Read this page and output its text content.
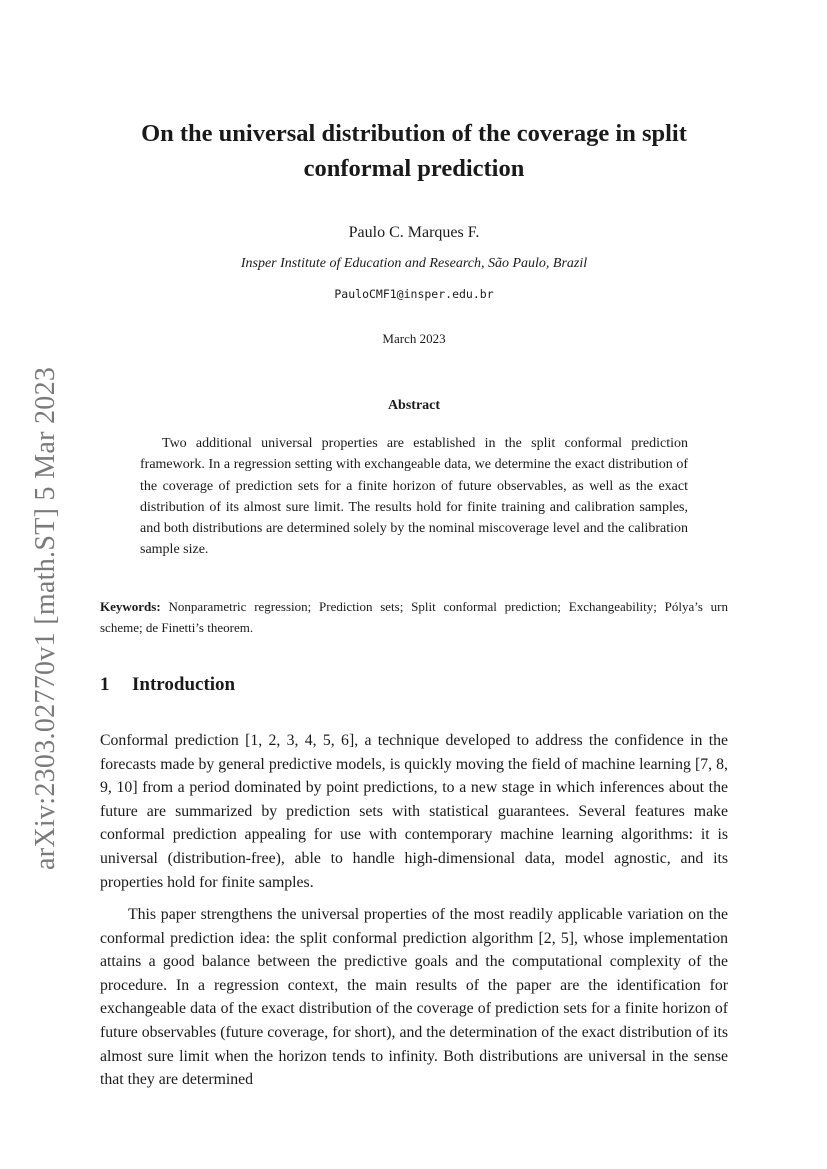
arXiv:2303.02770v1 [math.ST] 5 Mar 2023
On the universal distribution of the coverage in split conformal prediction

Paulo C. Marques F.

Insper Institute of Education and Research, São Paulo, Brazil

PauloCMF1@insper.edu.br

March 2023

Abstract

Two additional universal properties are established in the split conformal prediction framework. In a regression setting with exchangeable data, we determine the exact distribution of the coverage of prediction sets for a finite horizon of future observables, as well as the exact distribution of its almost sure limit. The results hold for finite training and calibration samples, and both distributions are determined solely by the nominal miscoverage level and the calibration sample size.

Keywords: Nonparametric regression; Prediction sets; Split conformal prediction; Exchangeability; Pólya’s urn scheme; de Finetti’s theorem.

1 Introduction

Conformal prediction [1, 2, 3, 4, 5, 6], a technique developed to address the confidence in the forecasts made by general predictive models, is quickly moving the field of machine learning [7, 8, 9, 10] from a period dominated by point predictions, to a new stage in which inferences about the future are summarized by prediction sets with statistical guarantees. Several features make conformal prediction appealing for use with contemporary machine learning algorithms: it is universal (distribution-free), able to handle high-dimensional data, model agnostic, and its properties hold for finite samples.

This paper strengthens the universal properties of the most readily applicable variation on the conformal prediction idea: the split conformal prediction algorithm [2, 5], whose implementation attains a good balance between the predictive goals and the computational complexity of the procedure. In a regression context, the main results of the paper are the identification for exchangeable data of the exact distribution of the coverage of prediction sets for a finite horizon of future observables (future coverage, for short), and the determination of the exact distribution of its almost sure limit when the horizon tends to infinity. Both distributions are universal in the sense that they are determined
